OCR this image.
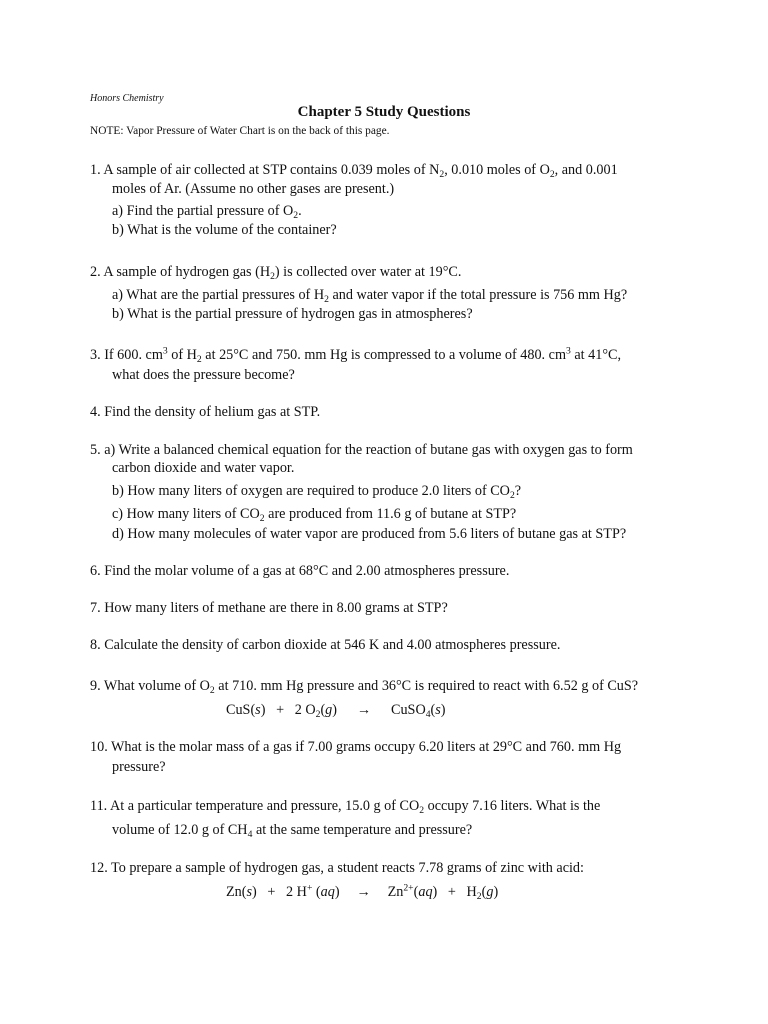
Honors Chemistry
Chapter 5 Study Questions
NOTE: Vapor Pressure of Water Chart is on the back of this page.
1. A sample of air collected at STP contains 0.039 moles of $N_2$, 0.010 moles of $O_2$, and 0.001
moles of Ar. (Assume no other gases are present.)
a) Find the partial pressure of $O_2$.
b) What is the volume of the container?
2. A sample of hydrogen gas $(H_2)$ is collected over water at 19°C.
a) What are the partial pressures of $H_2$ and water vapor if the total pressure is 756 mm Hg?
b) What is the partial pressure of hydrogen gas in atmospheres?
3. If 600. $cm^3$ of $H_2$ at 25°C and 750. mm Hg is compressed to a volume of 480. $cm^3$ at 41°C,
what does the pressure become?
4. Find the density of helium gas at STP.
5. a) Write a balanced chemical equation for the reaction of butane gas with oxygen gas to form
carbon dioxide and water vapor.
b) How many liters of oxygen are required to produce 2.0 liters of $CO_2$?
c) How many liters of $CO_2$ are produced from 11.6 g of butane at STP?
d) How many molecules of water vapor are produced from 5.6 liters of butane gas at STP?
6. Find the molar volume of a gas at 68°C and 2.00 atmospheres pressure.
7. How many liters of methane are there in 8.00 grams at STP?
8. Calculate the density of carbon dioxide at 546 K and 4.00 atmospheres pressure.
9. What volume of $O_2$ at 710. mm Hg pressure and 36°C is required to react with 6.52 g of CuS?
CuS(s)   +   2 $O_2(g)$ → CuSO$_4$(s)
10. What is the molar mass of a gas if 7.00 grams occupy 6.20 liters at 29°C and 760. mm Hg
pressure?
11. At a particular temperature and pressure, 15.0 g of $CO_2$ occupy 7.16 liters. What is the
volume of 12.0 g of $CH_4$ at the same temperature and pressure?
12. To prepare a sample of hydrogen gas, a student reacts 7.78 grams of zinc with acid:
Zn(s)   +   2 H+ $(aq) \to Zn^{2+}(aq) + H_2(g)$
